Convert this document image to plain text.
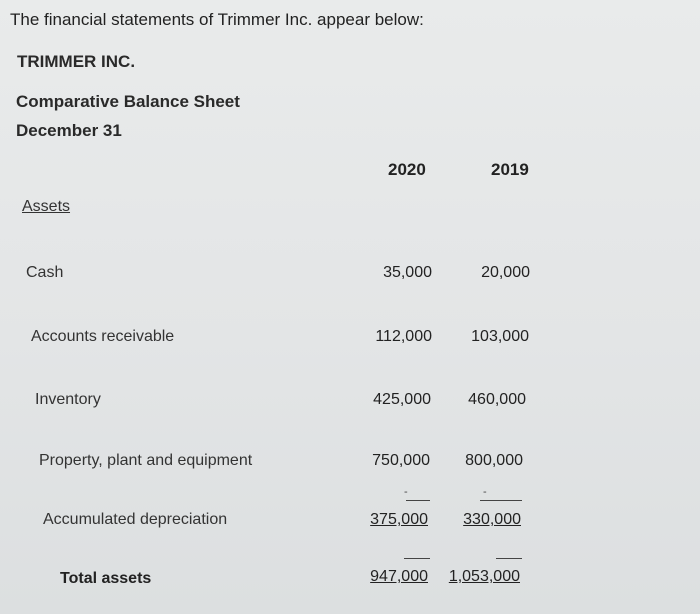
The financial statements of Trimmer Inc. appear below:
TRIMMER INC.
Comparative Balance Sheet
December 31
2020	2019
Assets
Cash	35,000	20,000
Accounts receivable	112,000	103,000
Inventory	425,000	460,000
Property, plant and equipment	750,000	800,000
-	-
Accumulated depreciation	375,000	330,000
Total assets	947,000	1,053,000
